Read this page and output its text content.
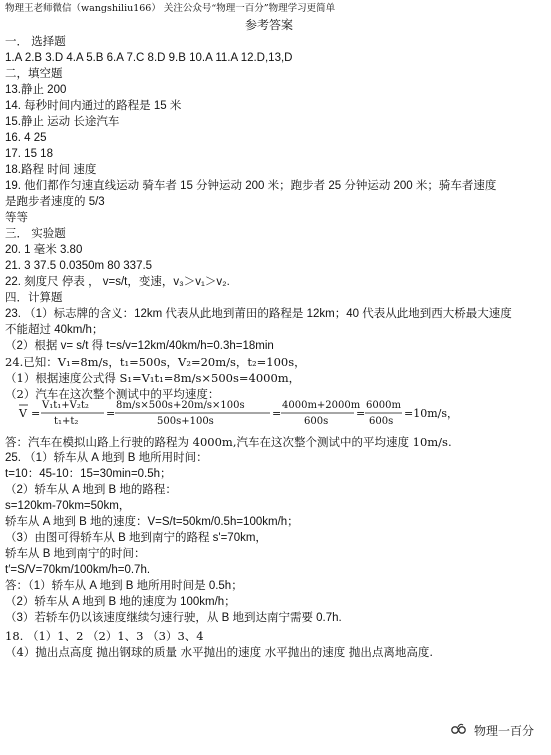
物理王老师微信（wangshiliu166） 关注公众号“物理一百分”物理学习更简单
参考答案
一． 选择题
1.A 2.B 3.D 4.A 5.B 6.A 7.C 8.D 9.B 10.A 11.A 12.D,13,D
二，填空题
13.静止 200
14. 每秒时间内通过的路程是 15 米
15.静止 运动 长途汽车
16. 4 25
17. 15 18
18.路程 时间 速度
19. 他们都作匀速直线运动 骑车者 15 分钟运动 200 米；跑步者 25 分钟运动 200 米；骑车者速度
是跑步者速度的 5/3
等等
三． 实验题
20. 1 毫米 3.80
21. 3 37.5 0.0350m 80 337.5
22. 刻度尺 停表 ， v=s/t，变速，v₃＞v₁＞v₂.
四．计算题
23. （1）标志牌的含义：12km 代表从此地到莆田的路程是 12km；40 代表从此地到西大桥最大速度
不能超过 40km/h；
（2）根据 v= s/t 得 t=s/v=12km/40km/h=0.3h=18min
24.已知：V₁=8m/s，t₁=500s，V₂=20m/s，t₂=100s，
（1）根据速度公式得 S₁=V₁t₁=8m/s×500s=4000m，
（2）汽车在这次整个测试中的平均速度：
V =
V₁t₁+V₂t₂
t₁+t₂
=
8m/s×500s+20m/s×100s
500s+100s
=
4000m+2000m
600s
=
6000m
600s
=10m/s，
答：汽车在模拟山路上行驶的路程为 4000m,汽车在这次整个测试中的平均速度 10m/s.
25. （1）轿车从 A 地到 B 地所用时间：
t=10：45-10：15=30min=0.5h；
（2）轿车从 A 地到 B 地的路程：
s=120km-70km=50km，
轿车从 A 地到 B 地的速度：V=S/t=50km/0.5h=100km/h；
（3）由图可得轿车从 B 地到南宁的路程 s'=70km，
轿车从 B 地到南宁的时间：
t′=S/V=70km/100km/h=0.7h.
答：（1）轿车从 A 地到 B 地所用时间是 0.5h；
（2）轿车从 A 地到 B 地的速度为 100km/h；
（3）若轿车仍以该速度继续匀速行驶，从 B 地到达南宁需要 0.7h.
18. （1）1、2 （2）1、3 （3）3、4
（4）抛出点高度 抛出钢球的质量 水平抛出的速度 水平抛出的速度 抛出点离地高度.
物理一百分
